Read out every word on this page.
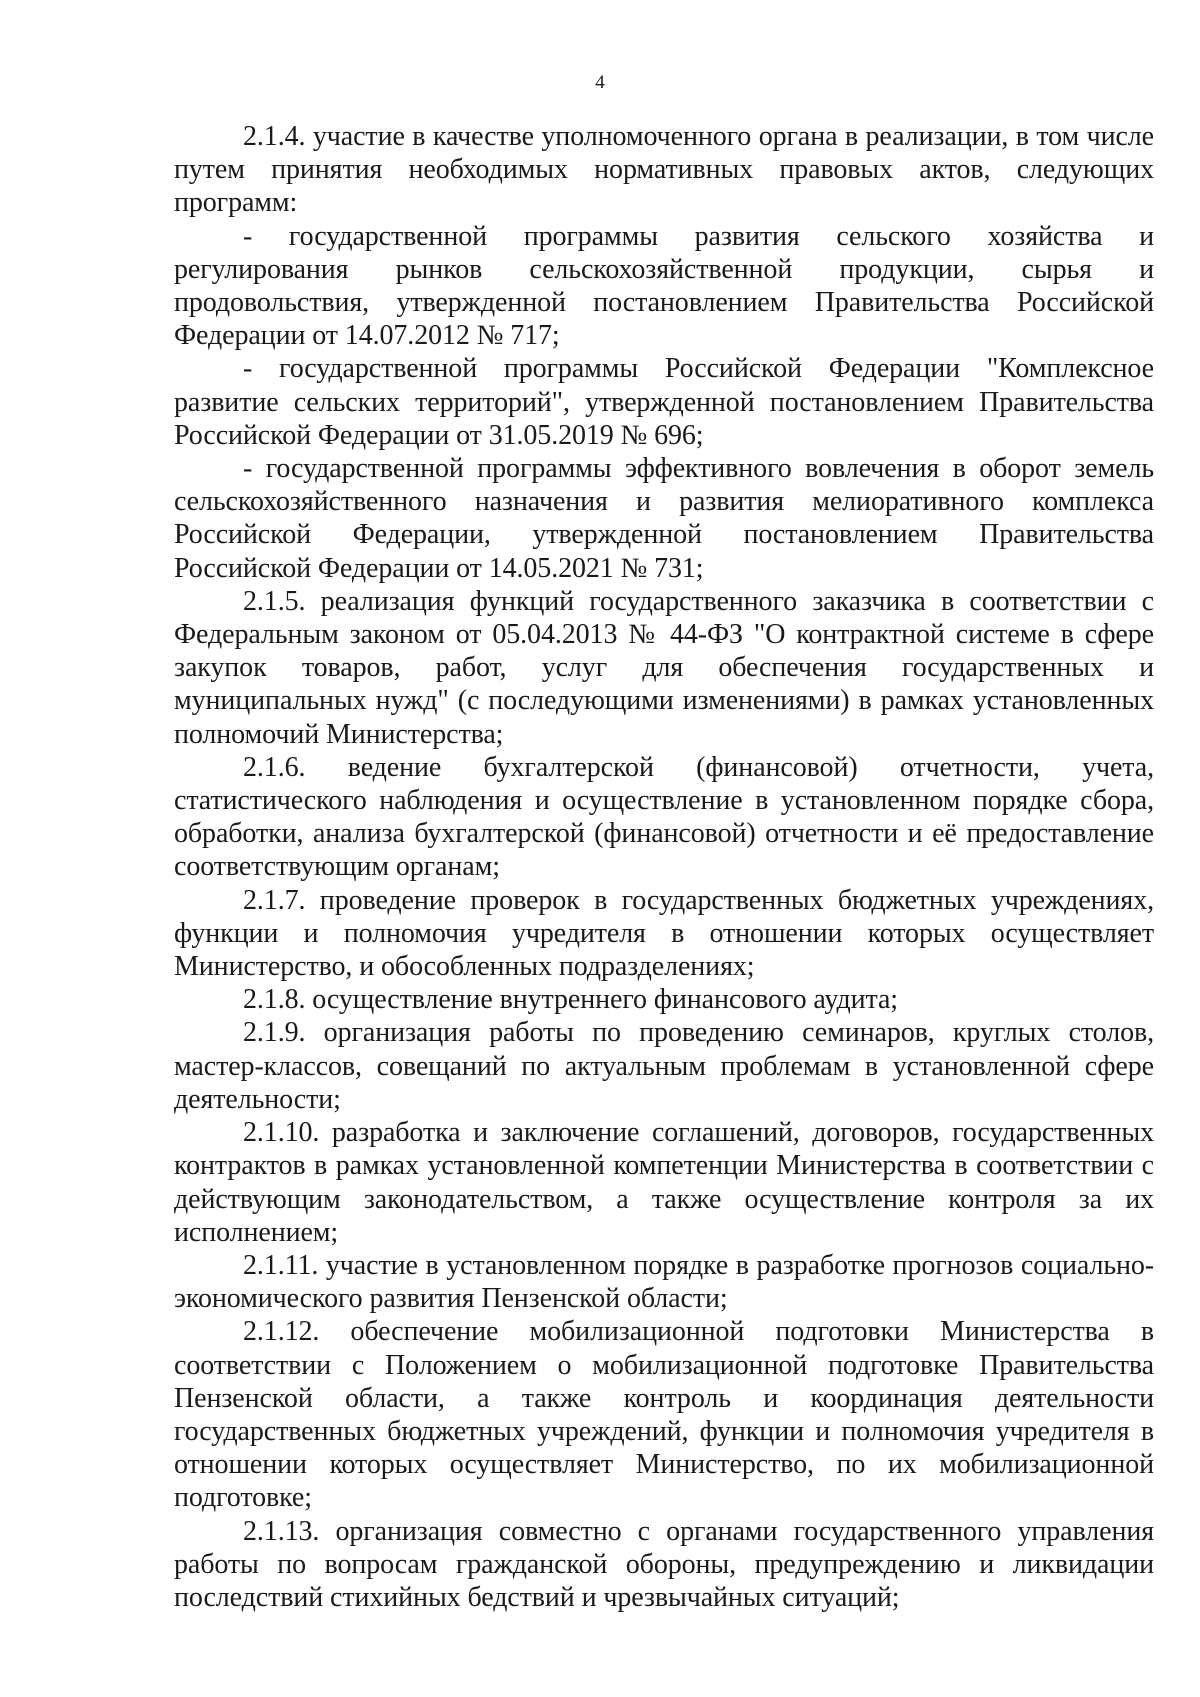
4

2.1.4. участие в качестве уполномоченного органа в реализации, в том числе путем принятия необходимых нормативных правовых актов, следующих программ:

- государственной программы развития сельского хозяйства и регулирования рынков сельскохозяйственной продукции, сырья и продовольствия, утвержденной постановлением Правительства Российской Федерации от 14.07.2012 № 717;

- государственной программы Российской Федерации "Комплексное развитие сельских территорий", утвержденной постановлением Правительства Российской Федерации от 31.05.2019 № 696;

- государственной программы эффективного вовлечения в оборот земель сельскохозяйственного назначения и развития мелиоративного комплекса Российской Федерации, утвержденной постановлением Правительства Российской Федерации от 14.05.2021 № 731;

2.1.5. реализация функций государственного заказчика в соответствии с Федеральным законом от 05.04.2013 № 44-ФЗ "О контрактной системе в сфере закупок товаров, работ, услуг для обеспечения государственных и муниципальных нужд" (с последующими изменениями) в рамках установленных полномочий Министерства;

2.1.6. ведение бухгалтерской (финансовой) отчетности, учета, статистического наблюдения и осуществление в установленном порядке сбора, обработки, анализа бухгалтерской (финансовой) отчетности и её предоставление соответствующим органам;

2.1.7. проведение проверок в государственных бюджетных учреждениях, функции и полномочия учредителя в отношении которых осуществляет Министерство, и обособленных подразделениях;

2.1.8. осуществление внутреннего финансового аудита;

2.1.9. организация работы по проведению семинаров, круглых столов, мастер-классов, совещаний по актуальным проблемам в установленной сфере деятельности;

2.1.10. разработка и заключение соглашений, договоров, государственных контрактов в рамках установленной компетенции Министерства в соответствии с действующим законодательством, а также осуществление контроля за их исполнением;

2.1.11. участие в установленном порядке в разработке прогнозов социально-экономического развития Пензенской области;

2.1.12. обеспечение мобилизационной подготовки Министерства в соответствии с Положением о мобилизационной подготовке Правительства Пензенской области, а также контроль и координация деятельности государственных бюджетных учреждений, функции и полномочия учредителя в отношении которых осуществляет Министерство, по их мобилизационной подготовке;

2.1.13. организация совместно с органами государственного управления работы по вопросам гражданской обороны, предупреждению и ликвидации последствий стихийных бедствий и чрезвычайных ситуаций;
